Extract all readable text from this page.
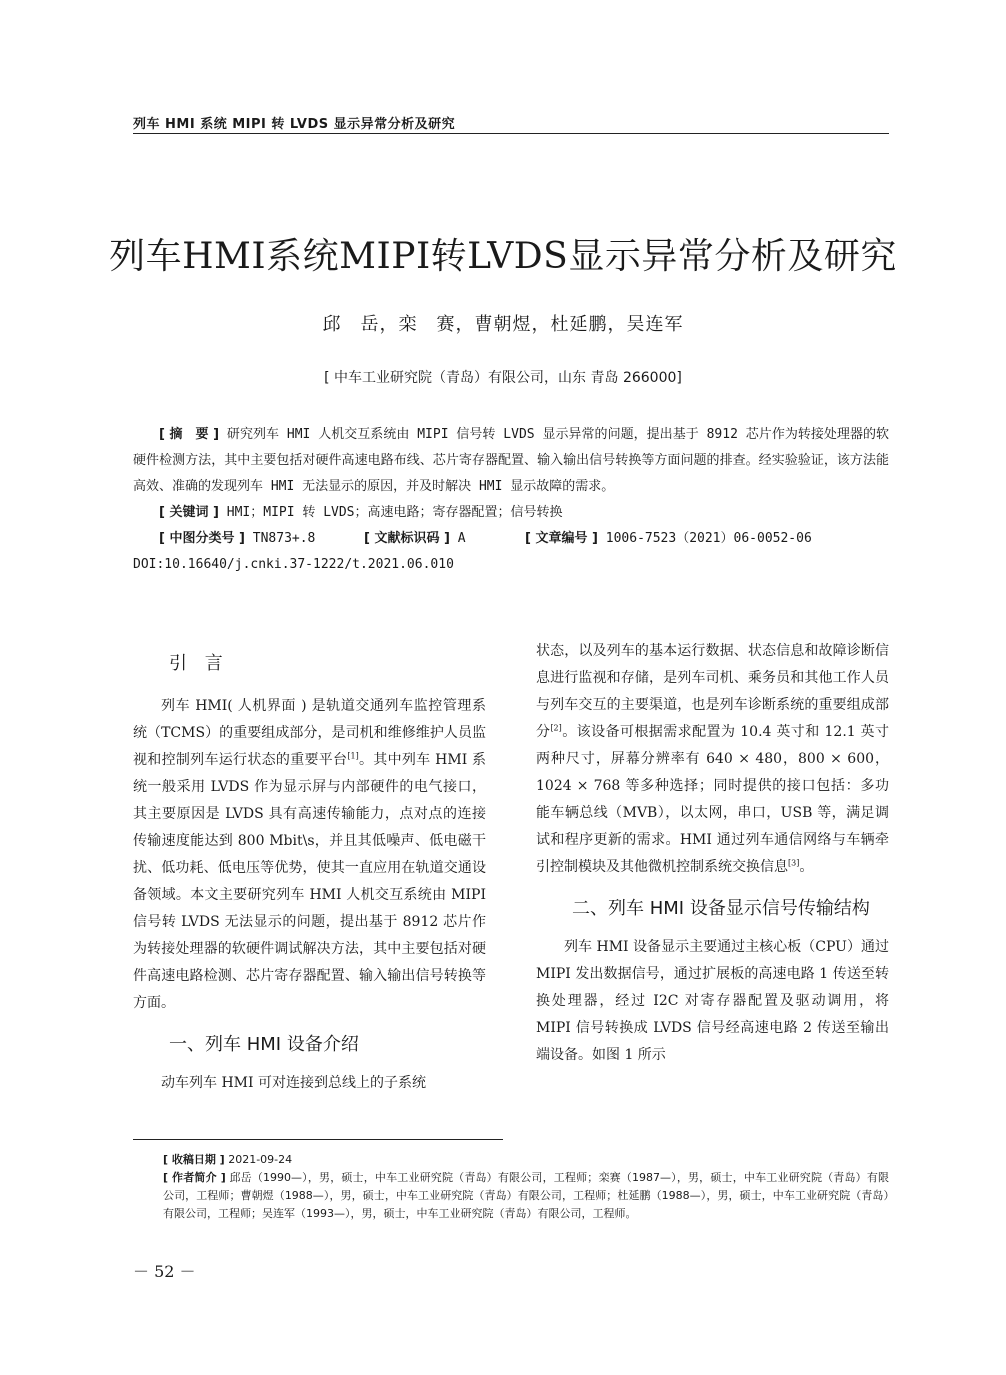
列车 HMI 系统 MIPI 转 LVDS 显示异常分析及研究
列车HMI系统MIPI转LVDS显示异常分析及研究
邱　岳，栾　赛，曹朝煜，杜延鹏，吴连军
[ 中车工业研究院（青岛）有限公司，山东 青岛 266000]

[ 摘　要 ] 研究列车 HMI 人机交互系统由 MIPI 信号转 LVDS 显示异常的问题，提出基于 8912 芯片作为转接处理器的软硬件检测方法，其中主要包括对硬件高速电路布线、芯片寄存器配置、输入输出信号转换等方面问题的排查。经实验验证，该方法能高效、准确的发现列车 HMI 无法显示的原因，并及时解决 HMI 显示故障的需求。

[ 关键词 ] HMI；MIPI 转 LVDS；高速电路；寄存器配置；信号转换

[ 中图分类号 ] TN873+.8	[ 文献标识码 ] A	[ 文章编号 ] 1006-7523（2021）06-0052-06

DOI:10.16640/j.cnki.37-1222/t.2021.06.010

引 言

列车 HMI( 人机界面 ) 是轨道交通列车监控管理系统（TCMS）的重要组成部分，是司机和维修维护人员监视和控制列车运行状态的重要平台[1]。其中列车 HMI 系统一般采用 LVDS 作为显示屏与内部硬件的电气接口，其主要原因是 LVDS 具有高速传输能力，点对点的连接传输速度能达到 800 Mbit\s，并且其低噪声、低电磁干扰、低功耗、低电压等优势，使其一直应用在轨道交通设备领域。本文主要研究列车 HMI 人机交互系统由 MIPI 信号转 LVDS 无法显示的问题，提出基于 8912 芯片作为转接处理器的软硬件调试解决方法，其中主要包括对硬件高速电路检测、芯片寄存器配置、输入输出信号转换等方面。

一、列车 HMI 设备介绍

动车列车 HMI 可对连接到总线上的子系统

状态，以及列车的基本运行数据、状态信息和故障诊断信息进行监视和存储，是列车司机、乘务员和其他工作人员与列车交互的主要渠道，也是列车诊断系统的重要组成部分[2]。该设备可根据需求配置为 10.4 英寸和 12.1 英寸两种尺寸，屏幕分辨率有 640 × 480，800 × 600，1024 × 768 等多种选择；同时提供的接口包括：多功能车辆总线（MVB），以太网，串口，USB 等，满足调试和程序更新的需求。HMI 通过列车通信网络与车辆牵引控制模块及其他微机控制系统交换信息[3]。

二、列车 HMI 设备显示信号传输结构

列车 HMI 设备显示主要通过主核心板（CPU）通过 MIPI 发出数据信号，通过扩展板的高速电路 1 传送至转换处理器，经过 I2C 对寄存器配置及驱动调用，将 MIPI 信号转换成 LVDS 信号经高速电路 2 传送至输出端设备。如图 1 所示

[ 收稿日期 ] 2021-09-24

[ 作者简介 ] 邱岳（1990—），男，硕士，中车工业研究院（青岛）有限公司，工程师；栾赛（1987—），男，硕士，中车工业研究院（青岛）有限公司，工程师；曹朝煜（1988—），男，硕士，中车工业研究院（青岛）有限公司，工程师；杜延鹏（1988—），男，硕士，中车工业研究院（青岛）有限公司，工程师；吴连军（1993—），男，硕士，中车工业研究院（青岛）有限公司，工程师。

－ 52 －
